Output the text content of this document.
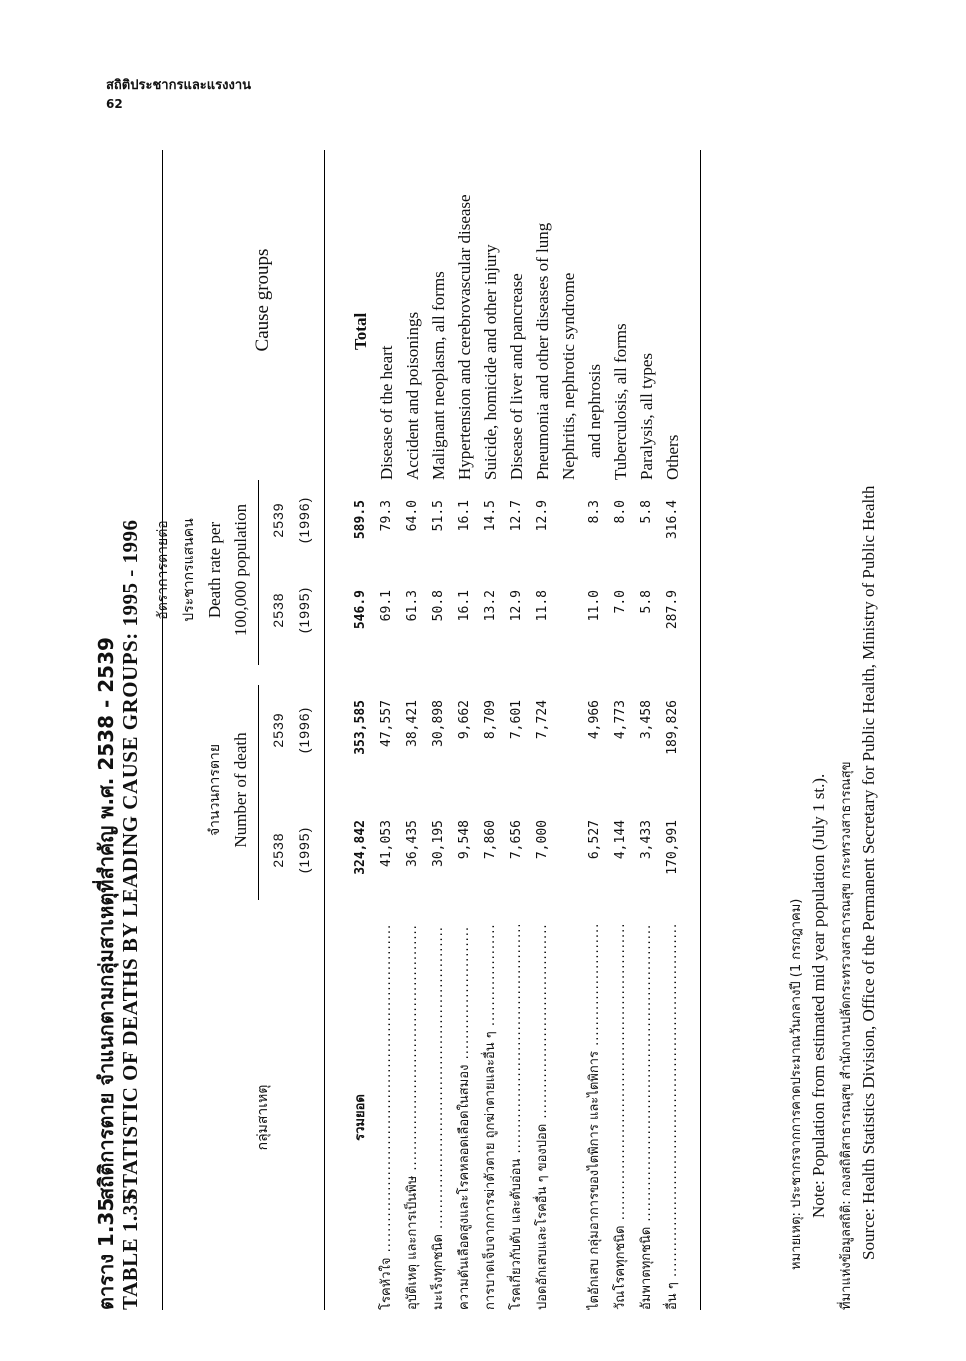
สถิติประชากรและแรงงาน
62
ตาราง 1.35สถิติการตาย จำแนกตามกลุ่มสาเหตุที่สำคัญ พ.ศ. 2538 - 2539
TABLE 1.35STATISTIC OF DEATHS BY LEADING CAUSE GROUPS: 1995 - 1996	กลุ่มสาเหตุ
จำนวนการตาย Number of death
อัตราการตายต่อ ประชากรแสนคน Death rate per 100,000 population
Cause groups
2538 (1995)
2539 (1996)
2538 (1995)
2539 (1996)
รวมยอด
324,842
353,585
546.9
589.5
Total
โรคหัวใจ .....
41,053
47,557
69.1
79.3
Disease of the heart
อุบัติเหตุ และการเป็นพิษ .....
36,435
38,421
61.3
64.0
Accident and poisonings
มะเร็งทุกชนิด .....
30,195
30,898
50.8
51.5
Malignant neoplasm, all forms
ความดันเลือดสูงและโรคหลอดเลือดในสมอง .....
9,548
9,662
16.1
16.1
Hypertension and cerebrovascular disease
การบาดเจ็บจากการฆ่าตัวตาย ถูกฆ่าตายและอื่น ๆ .....
7,860
8,709
13.2
14.5
Suicide, homicide and other injury
โรคเกี่ยวกับตับ และตับอ่อน .....
7,656
7,601
12.9
12.7
Disease of liver and pancrease
ปอดอักเสบและโรคอื่น ๆ ของปอด .....
7,000
7,724
11.8
12.9
Pneumonia and other diseases of lung Nephritis, nephrotic syndrome
ไตอักเสบ กลุ่มอาการของไตพิการ และไตพิการ .....
6,527
4,966
11.0
8.3
and nephrosis
วัณโรคทุกชนิด .....
4,144
4,773
7.0
8.0
Tuberculosis, all forms
อัมพาตทุกชนิด .....
3,433
3,458
5.8
5.8
Paralysis, all types
อื่น ๆ .....
170,991
189,826
287.9
316.4
Others
หมายเหตุ: ประชากรจากการคาดประมาณวันกลางปี (1 กรกฎาคม) Note: Population from estimated mid year population (July 1 st.). ที่มาแห่งข้อมูลสถิติ: กองสถิติสาธารณสุข สำนักงานปลัดกระทรวงสาธารณสุข กระทรวงสาธารณสุข Source: Health Statistics Division, Office of the Permanent Secretary for Public Health, Ministry of Public Health
